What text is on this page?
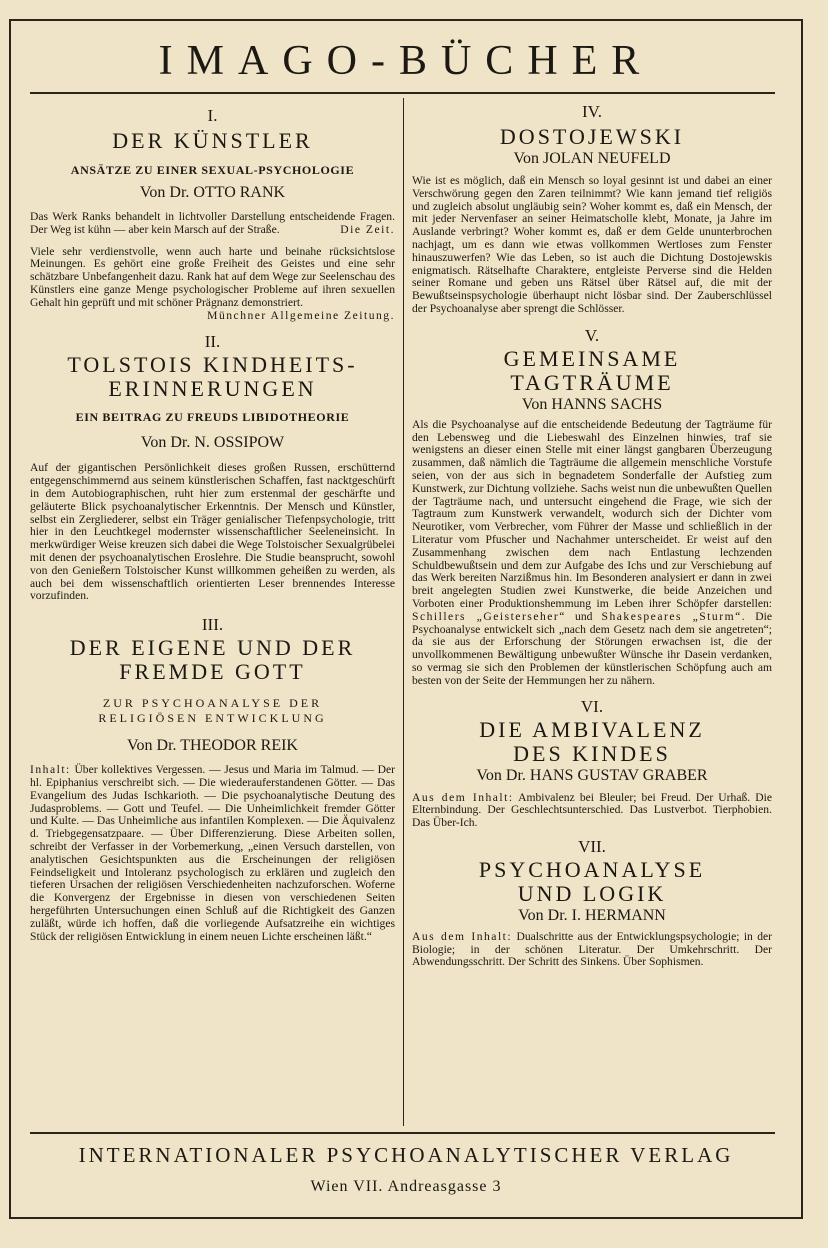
IMAGO-BÜCHER
I.
DER KÜNSTLER
ANSÄTZE ZU EINER SEXUAL-PSYCHOLOGIE
Von Dr. OTTO RANK
Das Werk Ranks behandelt in lichtvoller Darstellung entscheidende Fragen. Der Weg ist kühn — aber kein Marsch auf der Straße.	Die Zeit.
Viele sehr verdienstvolle, wenn auch harte und beinahe rücksichtslose Meinungen. Es gehört eine große Freiheit des Geistes und eine sehr schätzbare Unbefangenheit dazu. Rank hat auf dem Wege zur Seelenschau des Künstlers eine ganze Menge psychologischer Probleme auf ihren sexuellen Gehalt hin geprüft und mit schöner Prägnanz demonstriert.
Münchner Allgemeine Zeitung.
II.
TOLSTOIS KINDHEITS-
ERINNERUNGEN
EIN BEITRAG ZU FREUDS LIBIDOTHEORIE
Von Dr. N. OSSIPOW
Auf der gigantischen Persönlichkeit dieses großen Russen, erschütternd entgegenschimmernd aus seinem künstlerischen Schaffen, fast nacktgeschürft in dem Autobiographischen, ruht hier zum erstenmal der geschärfte und geläuterte Blick psychoanalytischer Erkenntnis. Der Mensch und Künstler, selbst ein Zergliederer, selbst ein Träger genialischer Tiefenpsychologie, tritt hier in den Leuchtkegel modernster wissenschaftlicher Seeleneinsicht. In merkwürdiger Weise kreuzen sich dabei die Wege Tolstoischer Sexualgrübelei mit denen der psychoanalytischen Eroslehre. Die Studie beansprucht, sowohl von den Genießern Tolstoischer Kunst willkommen geheißen zu werden, als auch bei dem wissenschaftlich orientierten Leser brennendes Interesse vorzufinden.
III.
DER EIGENE UND DER
FREMDE GOTT
ZUR PSYCHOANALYSE DER
RELIGIÖSEN ENTWICKLUNG
Von Dr. THEODOR REIK
Inhalt: Über kollektives Vergessen. — Jesus und Maria im Talmud. — Der hl. Epiphanius verschreibt sich. — Die wiederauferstandenen Götter. — Das Evangelium des Judas Ischkarioth. — Die psychoanalytische Deutung des Judasproblems. — Gott und Teufel. — Die Unheimlichkeit fremder Götter und Kulte. — Das Unheimliche aus infantilen Komplexen. — Die Äquivalenz d. Triebgegensatzpaare. — Über Differenzierung. Diese Arbeiten sollen, schreibt der Verfasser in der Vorbemerkung, „einen Versuch darstellen, von analytischen Gesichtspunkten aus die Erscheinungen der religiösen Feindseligkeit und Intoleranz psychologisch zu erklären und zugleich den tieferen Ursachen der religiösen Verschiedenheiten nachzuforschen. Woferne die Konvergenz der Ergebnisse in diesen von verschiedenen Seiten hergeführten Untersuchungen einen Schluß auf die Richtigkeit des Ganzen zuläßt, würde ich hoffen, daß die vorliegende Aufsatzreihe ein wichtiges Stück der religiösen Entwicklung in einem neuen Lichte erscheinen läßt.“
IV.
DOSTOJEWSKI
Von JOLAN NEUFELD
Wie ist es möglich, daß ein Mensch so loyal gesinnt ist und dabei an einer Verschwörung gegen den Zaren teilnimmt? Wie kann jemand tief religiös und zugleich absolut ungläubig sein? Woher kommt es, daß ein Mensch, der mit jeder Nervenfaser an seiner Heimatscholle klebt, Monate, ja Jahre im Auslande verbringt? Woher kommt es, daß er dem Gelde ununterbrochen nachjagt, um es dann wie etwas vollkommen Wertloses zum Fenster hinauszuwerfen? Wie das Leben, so ist auch die Dichtung Dostojewskis enigmatisch. Rätselhafte Charaktere, entgleiste Perverse sind die Helden seiner Romane und geben uns Rätsel über Rätsel auf, die mit der Bewußtseinspsychologie überhaupt nicht lösbar sind. Der Zauberschlüssel der Psychoanalyse aber sprengt die Schlösser.
V.
GEMEINSAME
TAGTRÄUME
Von HANNS SACHS
Als die Psychoanalyse auf die entscheidende Bedeutung der Tagträume für den Lebensweg und die Liebeswahl des Einzelnen hinwies, traf sie wenigstens an dieser einen Stelle mit einer längst gangbaren Überzeugung zusammen, daß nämlich die Tagträume die allgemein menschliche Vorstufe seien, von der aus sich in begnadetem Sonderfalle der Aufstieg zum Kunstwerk, zur Dichtung vollziehe. Sachs weist nun die unbewußten Quellen der Tagträume nach, und untersucht eingehend die Frage, wie sich der Tagtraum zum Kunstwerk verwandelt, wodurch sich der Dichter vom Neurotiker, vom Verbrecher, vom Führer der Masse und schließlich in der Literatur vom Pfuscher und Nachahmer unterscheidet. Er weist auf den Zusammenhang zwischen dem nach Entlastung lechzenden Schuldbewußtsein und dem zur Aufgabe des Ichs und zur Verschiebung auf das Werk bereiten Narzißmus hin. Im Besonderen analysiert er dann in zwei breit angelegten Studien zwei Kunstwerke, die beide Anzeichen und Vorboten einer Produktionshemmung im Leben ihrer Schöpfer darstellen: Schillers „Geisterseher“ und Shakespeares „Sturm“. Die Psychoanalyse entwickelt sich „nach dem Gesetz nach dem sie angetreten“; da sie aus der Erforschung der Störungen erwachsen ist, die der unvollkommenen Bewältigung unbewußter Wünsche ihr Dasein verdanken, so vermag sie sich den Problemen der künstlerischen Schöpfung auch am besten von der Seite der Hemmungen her zu nähern.
VI.
DIE AMBIVALENZ
DES KINDES
Von Dr. HANS GUSTAV GRABER
Aus dem Inhalt: Ambivalenz bei Bleuler; bei Freud. Der Urhaß. Die Elternbindung. Der Geschlechtsunterschied. Das Lustverbot. Tierphobien. Das Über-Ich.
VII.
PSYCHOANALYSE
UND LOGIK
Von Dr. I. HERMANN
Aus dem Inhalt: Dualschritte aus der Entwicklungspsychologie; in der Biologie; in der schönen Literatur. Der Umkehrschritt. Der Abwendungsschritt. Der Schritt des Sinkens. Über Sophismen.
INTERNATIONALER PSYCHOANALYTISCHER VERLAG
Wien VII. Andreasgasse 3
